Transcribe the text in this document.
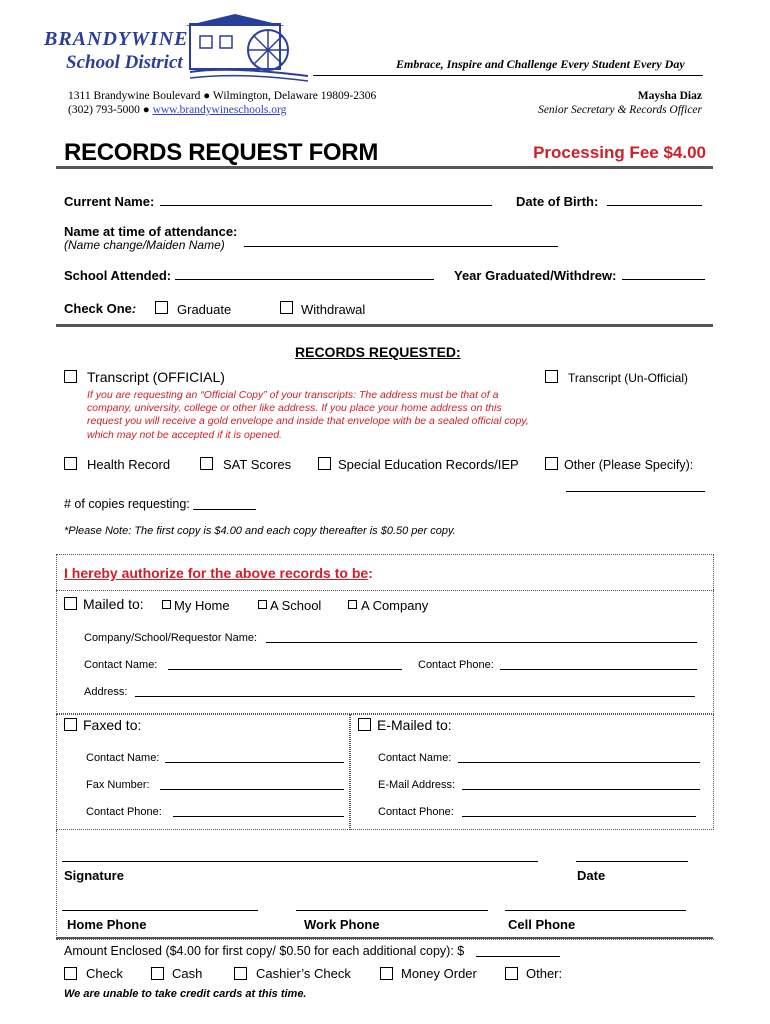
BRANDYWINE
School District	Embrace, Inspire and Challenge Every Student Every Day
1311 Brandywine Boulevard ● Wilmington, Delaware 19809-2306
(302) 793-5000 ● www.brandywineschools.org
Maysha Diaz
Senior Secretary & Records Officer
RECORDS REQUEST FORM	Processing Fee $4.00
Current Name:	Date of Birth:
Name at time of attendance:
(Name change/Maiden Name)
School Attended:	Year Graduated/Withdrew:
Check One:	Graduate	Withdrawal
RECORDS REQUESTED:
Transcript (OFFICIAL)	Transcript (Un-Official)
If you are requesting an “Official Copy” of your transcripts: The address must be that of a company, university, college or other like address. If you place your home address on this request you will receive a gold envelope and inside that envelope with be a sealed official copy, which may not be accepted if it is opened.
Health Record	SAT Scores	Special Education Records/IEP	Other (Please Specify):
# of copies requesting:
*Please Note: The first copy is $4.00 and each copy thereafter is $0.50 per copy.
I hereby authorize for the above records to be:
Mailed to: My Home	A School	A Company
Company/School/Requestor Name:
Contact Name:	Contact Phone:
Address:
Faxed to:
Contact Name:
Fax Number:
Contact Phone:
E-Mailed to:
Contact Name:
E-Mail Address:
Contact Phone:
Signature	Date
Home Phone	Work Phone	Cell Phone
Amount Enclosed ($4.00 for first copy/ $0.50 for each additional copy): $
Check	Cash	Cashier’s Check	Money Order	Other:
We are unable to take credit cards at this time.
